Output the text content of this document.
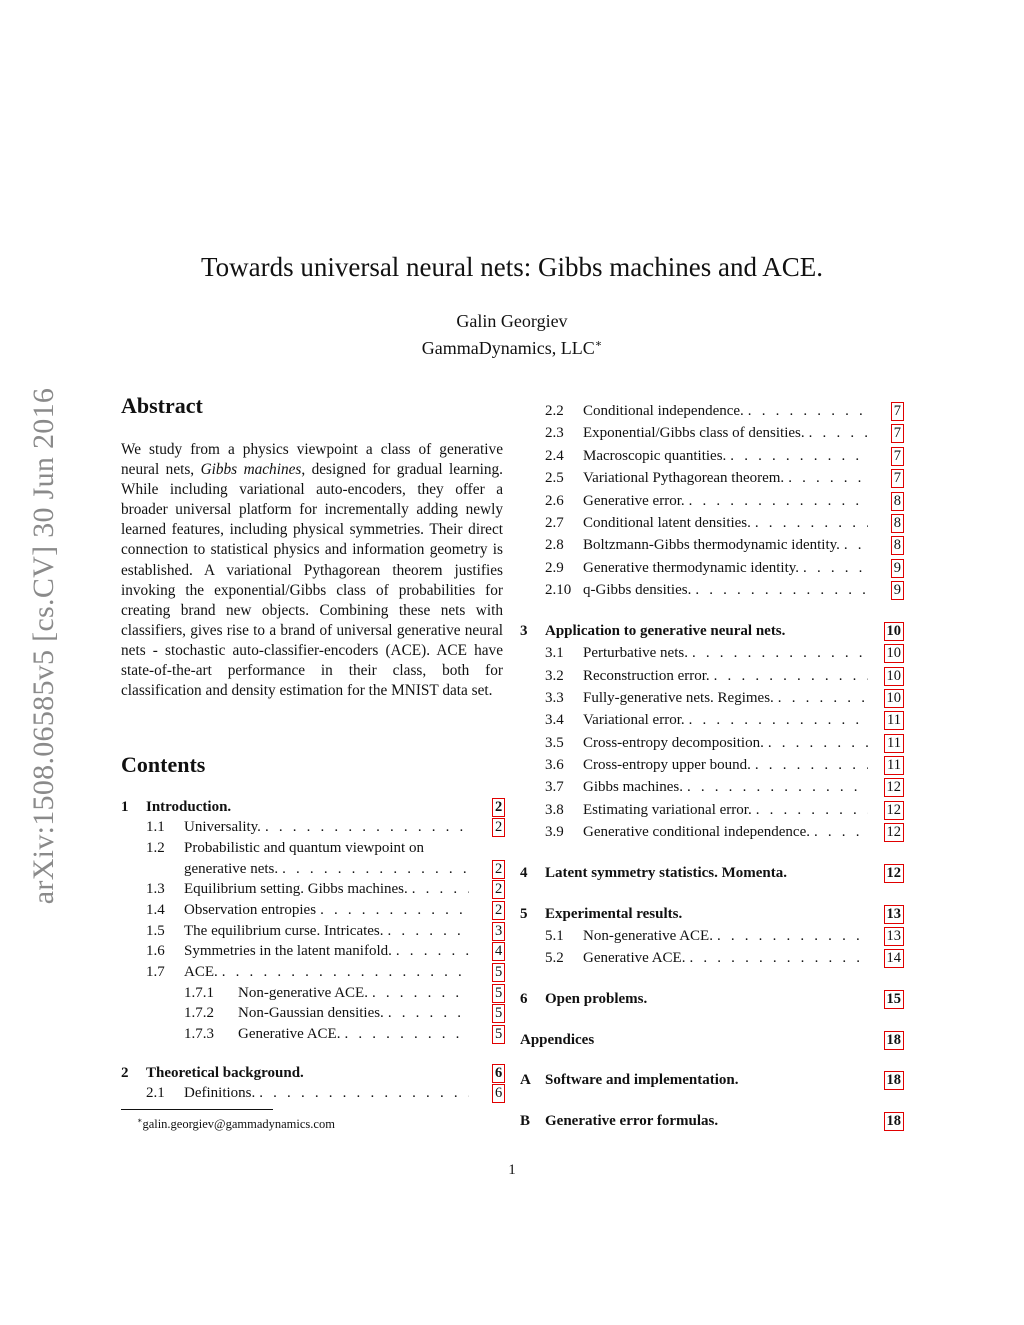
arXiv:1508.06585v5 [cs.CV] 30 Jun 2016
Towards universal neural nets: Gibbs machines and ACE.
Galin Georgiev
GammaDynamics, LLC∗
Abstract
We study from a physics viewpoint a class of generative neural nets, Gibbs machines, designed for gradual learning. While including variational auto-encoders, they offer a broader universal platform for incrementally adding newly learned features, including physical symmetries. Their direct connection to statistical physics and information geometry is established. A variational Pythagorean theorem justifies invoking the exponential/Gibbs class of probabilities for creating brand new objects. Combining these nets with classifiers, gives rise to a brand of universal generative neural nets - stochastic auto-classifier-encoders (ACE). ACE have state-of-the-art performance in their class, both for classification and density estimation for the MNIST data set.
Contents
1 Introduction.	2
1.1 Universality. . . .	2
1.2 Probabilistic and quantum viewpoint on
generative nets. . . .	2
1.3 Equilibrium setting. Gibbs machines. . . .	2
1.4 Observation entropies . . .	2
1.5 The equilibrium curse. Intricates. . . .	3
1.6 Symmetries in the latent manifold. . . .	4
1.7 ACE. . . .	5
1.7.1 Non-generative ACE. . . .	5
1.7.2 Non-Gaussian densities. . . .	5
1.7.3 Generative ACE. . . .	5
2 Theoretical background.	6
2.1 Definitions. . . .	6
2.2 Conditional independence. . . .	7
2.3 Exponential/Gibbs class of densities. . . .	7
2.4 Macroscopic quantities. . . .	7
2.5 Variational Pythagorean theorem. . . .	7
2.6 Generative error. . . .	8
2.7 Conditional latent densities. . . .	8
2.8 Boltzmann-Gibbs thermodynamic identity. . . .	8
2.9 Generative thermodynamic identity. . . .	9
2.10 q-Gibbs densities. . . .	9
3 Application to generative neural nets.	10
3.1 Perturbative nets. . . .	10
3.2 Reconstruction error. . . .	10
3.3 Fully-generative nets. Regimes. . . .	10
3.4 Variational error. . . .	11
3.5 Cross-entropy decomposition. . . .	11
3.6 Cross-entropy upper bound. . . .	11
3.7 Gibbs machines. . . .	12
3.8 Estimating variational error. . . .	12
3.9 Generative conditional independence. . . .	12
4 Latent symmetry statistics. Momenta.	12
5 Experimental results.	13
5.1 Non-generative ACE. . . .	13
5.2 Generative ACE. . . .	14
6 Open problems.	15
Appendices	18
A Software and implementation.	18
B Generative error formulas.	18
∗galin.georgiev@gammadynamics.com
1
